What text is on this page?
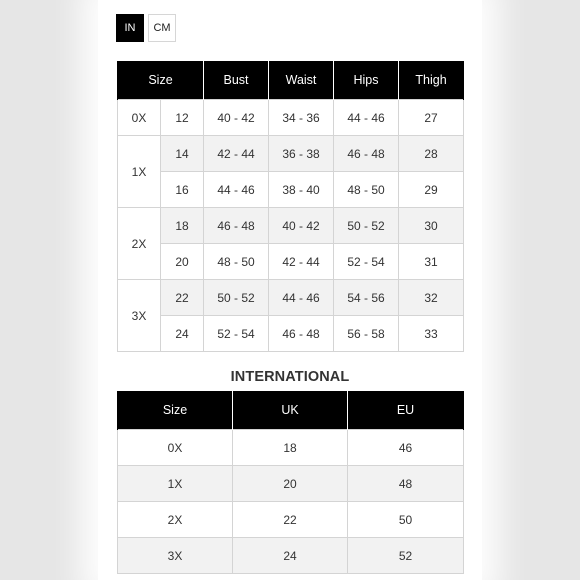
IN	CM
Size		Bust	Waist	Hips	Thigh
0X	12	40 - 42	34 - 36	44 - 46	27
1X	14	42 - 44	36 - 38	46 - 48	28
	16	44 - 46	38 - 40	48 - 50	29
2X	18	46 - 48	40 - 42	50 - 52	30
	20	48 - 50	42 - 44	52 - 54	31
3X	22	50 - 52	44 - 46	54 - 56	32
	24	52 - 54	46 - 48	56 - 58	33
INTERNATIONAL
Size	UK	EU
0X	18	46
1X	20	48
2X	22	50
3X	24	52
